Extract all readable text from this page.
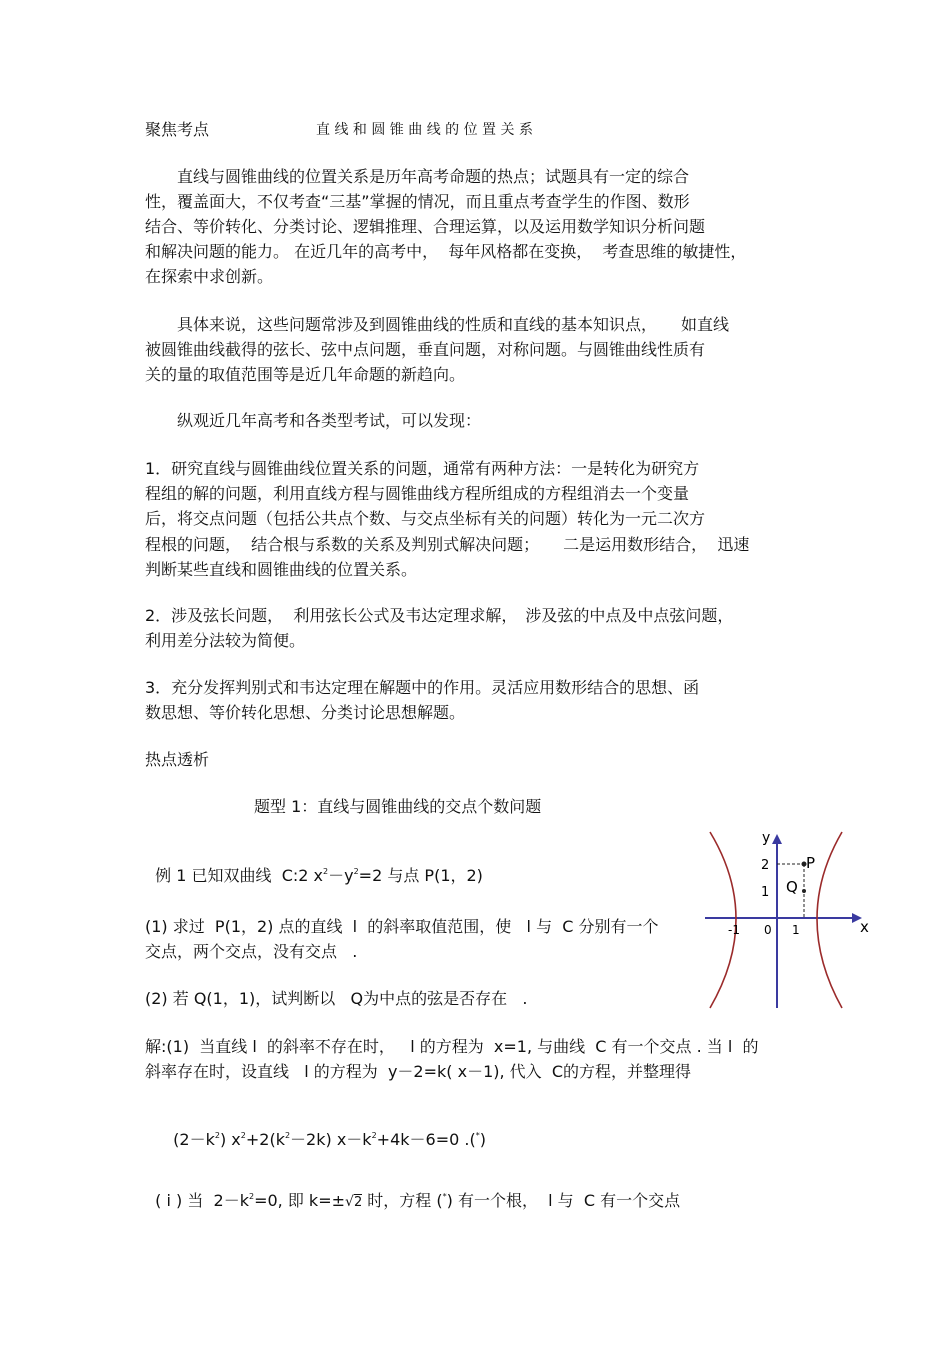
聚焦考点	直 线 和 圆 锥 曲 线 的 位 置 关 系
　　直线与圆锥曲线的位置关系是历年高考命题的热点；试题具有一定的综合
性，覆盖面大，不仅考查“三基”掌握的情况，而且重点考查学生的作图、数形
结合、等价转化、分类讨论、逻辑推理、合理运算，以及运用数学知识分析问题
和解决问题的能力。 在近几年的高考中，  每年风格都在变换，  考查思维的敏捷性，
在探索中求创新。
　　具体来说，这些问题常涉及到圆锥曲线的性质和直线的基本知识点，　　如直线
被圆锥曲线截得的弦长、弦中点问题，垂直问题，对称问题。与圆锥曲线性质有
关的量的取值范围等是近几年命题的新趋向。
　　纵观近几年高考和各类型考试，可以发现：
1．研究直线与圆锥曲线位置关系的问题，通常有两种方法：一是转化为研究方
程组的解的问题，利用直线方程与圆锥曲线方程所组成的方程组消去一个变量
后，将交点问题（包括公共点个数、与交点坐标有关的问题）转化为一元二次方
程根的问题，  结合根与系数的关系及判别式解决问题；　　二是运用数形结合，  迅速
判断某些直线和圆锥曲线的位置关系。
2．涉及弦长问题，  利用弦长公式及韦达定理求解，　涉及弦的中点及中点弦问题，
利用差分法较为简便。
3．充分发挥判别式和韦达定理在解题中的作用。灵活应用数形结合的思想、函
数思想、等价转化思想、分类讨论思想解题。
热点透析
题型 1：直线与圆锥曲线的交点个数问题

例 1 已知双曲线  C:2 $x^2-y^2=2$ 与点 P(1，2)

(1) 求过  P(1，2) 点的直线  l  的斜率取值范围，使   l 与  C 分别有一个
交点，两个交点，没有交点   .
(2) 若 Q(1，1)，试判断以   Q为中点的弦是否存在   .
解:(1)  当直线 l  的斜率不存在时，   l 的方程为  x=1, 与曲线  C 有一个交点 . 当 l  的
斜率存在时，设直线   l 的方程为  y－2=k( x－1), 代入  C的方程，并整理得

$(2-k^2)$ $x^2+2(k^2-2k)$ $x-k^2+4k-6=0$ .(*)

( ⅰ ) 当  $2-k^2=0$, 即 k=±√2 时，方程 (*) 有一个根，  l 与  C 有一个交点

y
x
2
1
-1 0 1
P
Q
